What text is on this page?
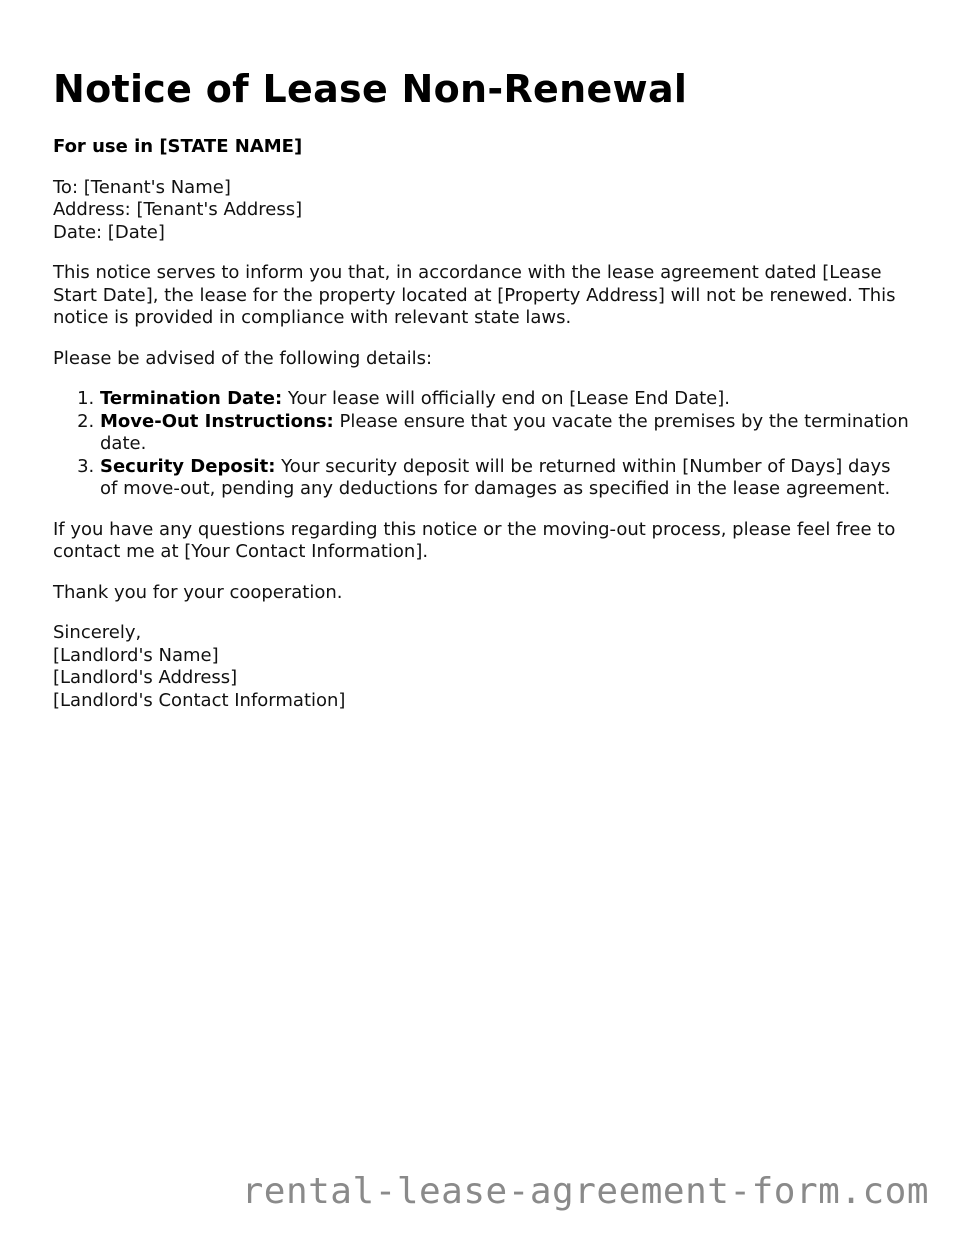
Notice of Lease Non-Renewal

For use in [STATE NAME]

To: [Tenant's Name]
Address: [Tenant's Address]
Date: [Date]

This notice serves to inform you that, in accordance with the lease agreement dated [Lease Start Date], the lease for the property located at [Property Address] will not be renewed. This notice is provided in compliance with relevant state laws.

Please be advised of the following details:

1. Termination Date: Your lease will officially end on [Lease End Date].
2. Move-Out Instructions: Please ensure that you vacate the premises by the termination date.
3. Security Deposit: Your security deposit will be returned within [Number of Days] days of move-out, pending any deductions for damages as specified in the lease agreement.

If you have any questions regarding this notice or the moving-out process, please feel free to contact me at [Your Contact Information].

Thank you for your cooperation.

Sincerely,
[Landlord's Name]
[Landlord's Address]
[Landlord's Contact Information]

rental-lease-agreement-form.com
